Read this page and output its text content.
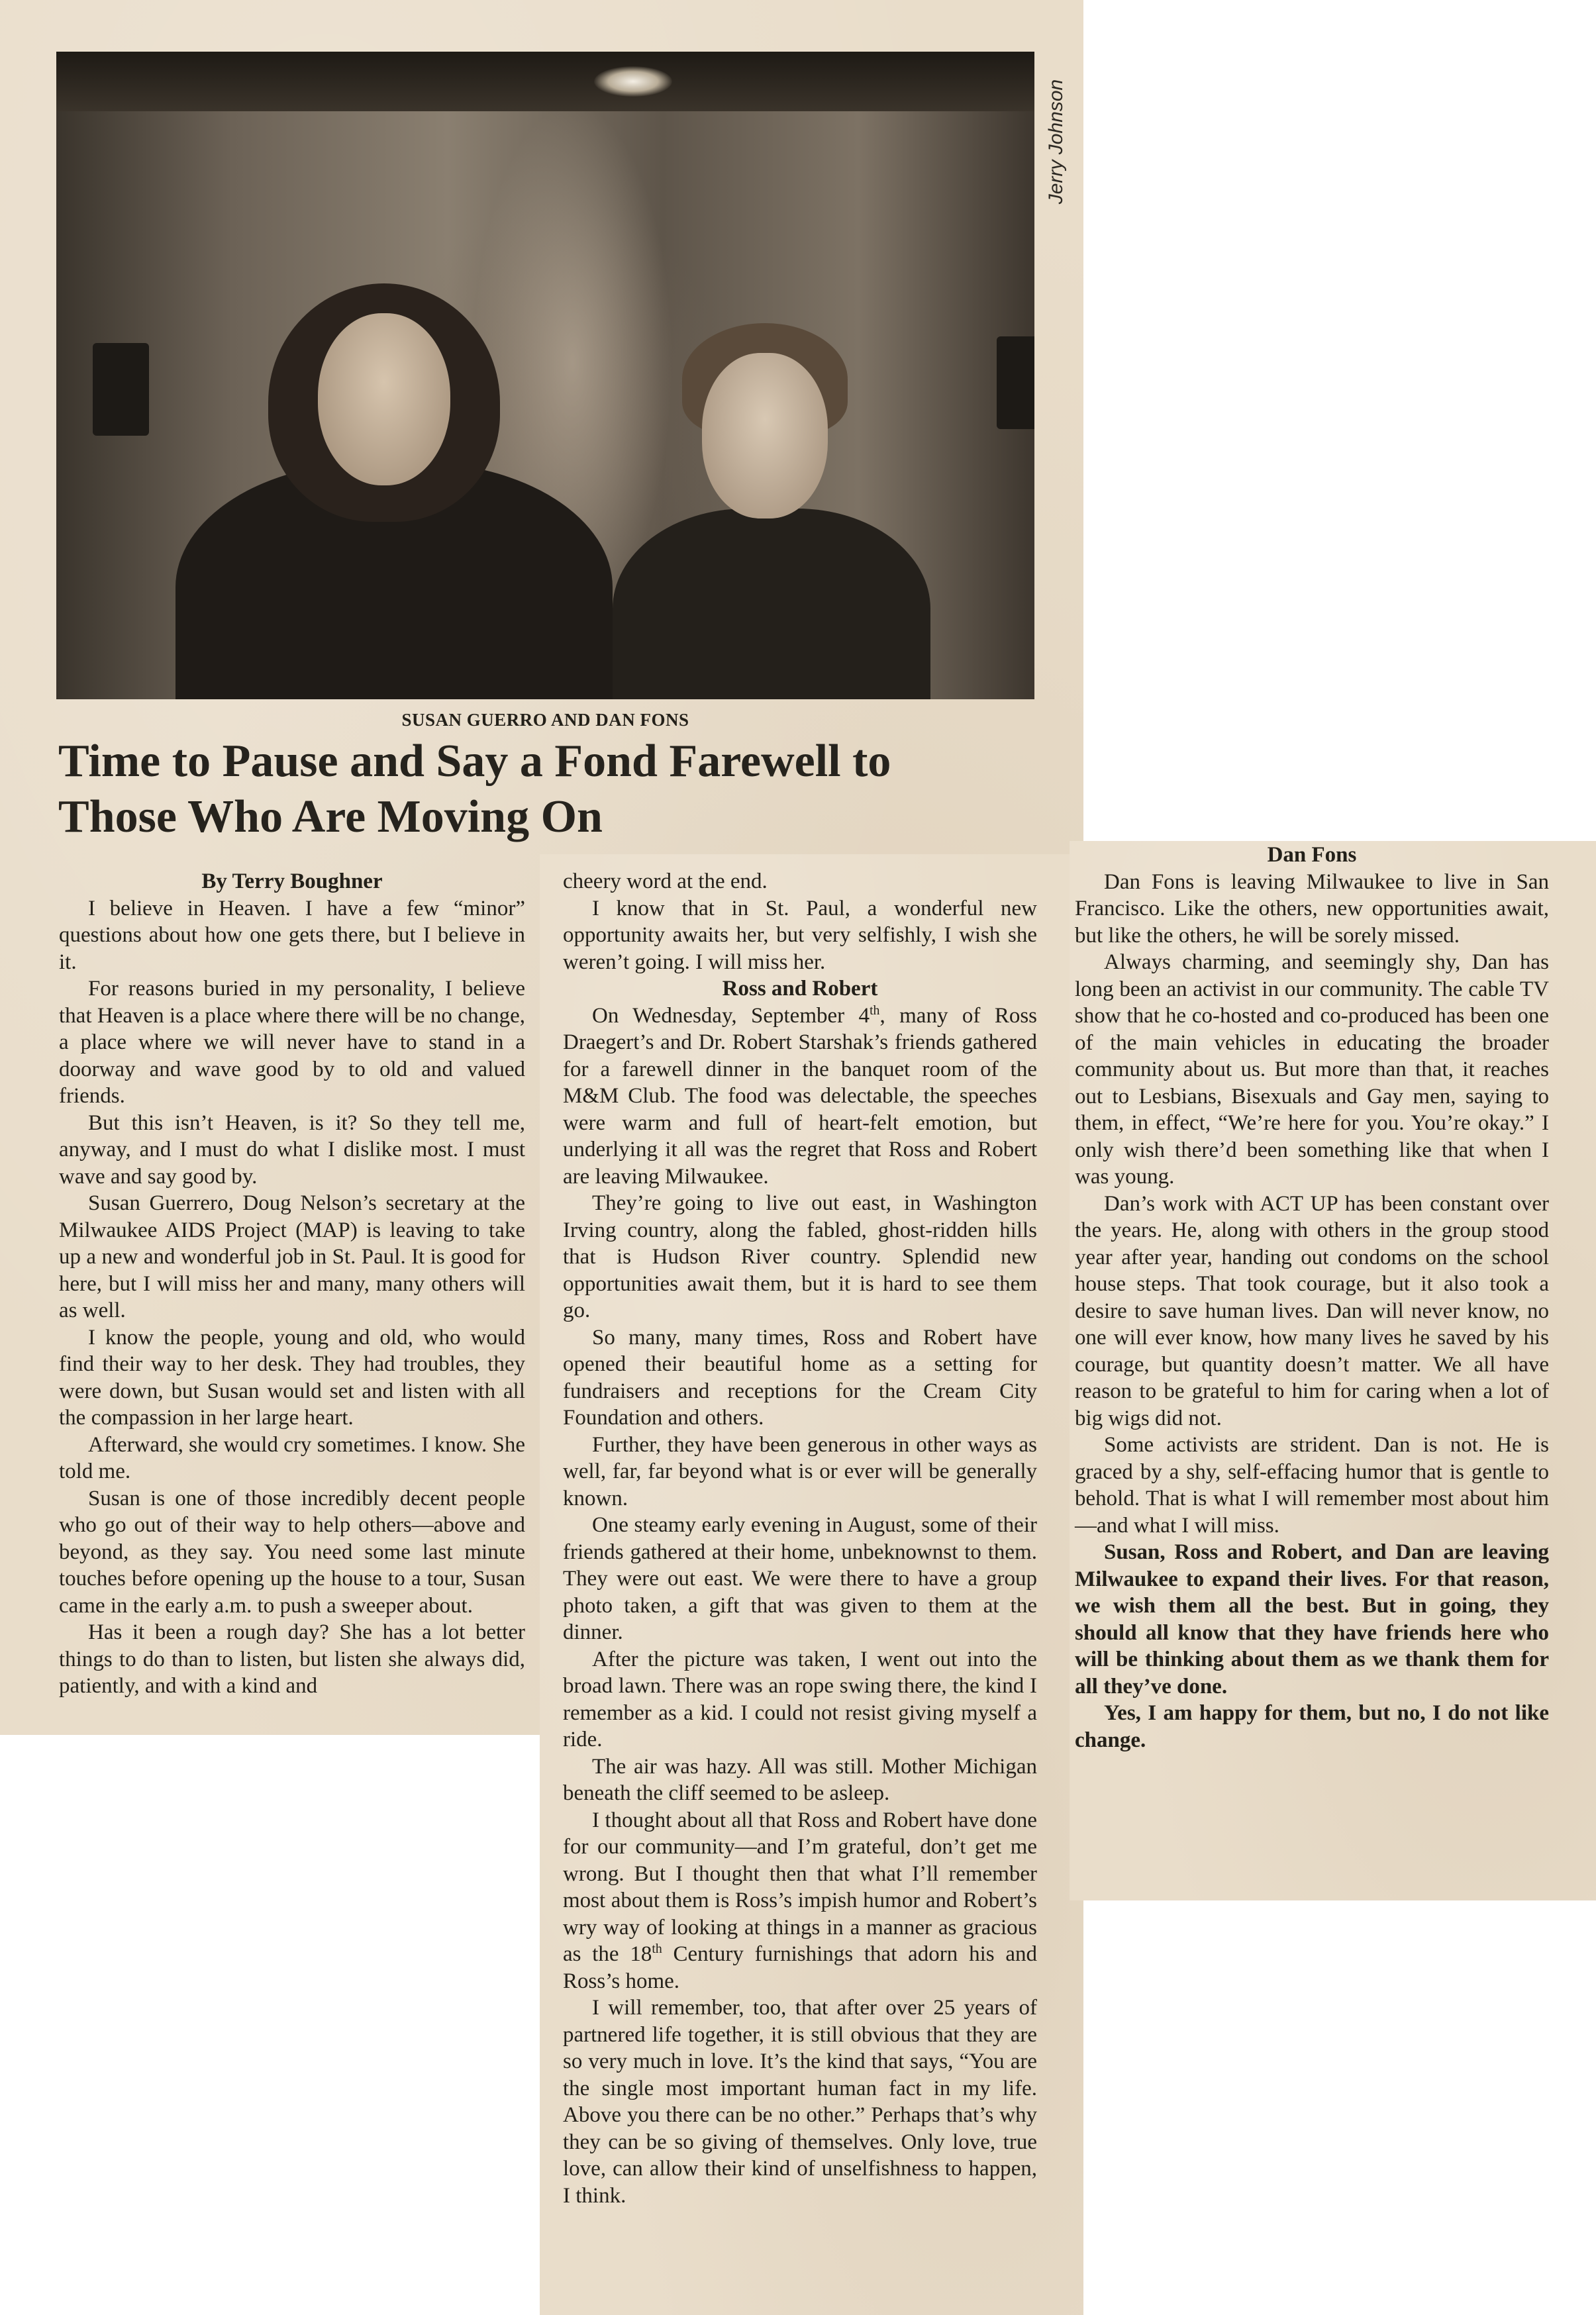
Jerry Johnson
SUSAN GUERRO AND DAN FONS
Time to Pause and Say a Fond Farewell to
Those Who Are Moving On

By Terry Boughner

I believe in Heaven. I have a few “minor” questions about how one gets there, but I believe in it.

For reasons buried in my personality, I believe that Heaven is a place where there will be no change, a place where we will never have to stand in a doorway and wave good by to old and valued friends.

But this isn’t Heaven, is it? So they tell me, anyway, and I must do what I dislike most. I must wave and say good by.

Susan Guerrero, Doug Nelson’s secretary at the Milwaukee AIDS Project (MAP) is leaving to take up a new and wonderful job in St. Paul. It is good for here, but I will miss her and many, many others will as well.

I know the people, young and old, who would find their way to her desk. They had troubles, they were down, but Susan would set and listen with all the compassion in her large heart.

Afterward, she would cry sometimes. I know. She told me.

Susan is one of those incredibly decent people who go out of their way to help others—above and beyond, as they say. You need some last minute touches before opening up the house to a tour, Susan came in the early a.m. to push a sweeper about.

Has it been a rough day? She has a lot better things to do than to listen, but listen she always did, patiently, and with a kind and

cheery word at the end.

I know that in St. Paul, a wonderful new opportunity awaits her, but very selfishly, I wish she weren’t going. I will miss her.

Ross and Robert

On Wednesday, September 4th, many of Ross Draegert’s and Dr. Robert Starshak’s friends gathered for a farewell dinner in the banquet room of the M&M Club. The food was delectable, the speeches were warm and full of heart-felt emotion, but underlying it all was the regret that Ross and Robert are leaving Milwaukee.

They’re going to live out east, in Washington Irving country, along the fabled, ghost-ridden hills that is Hudson River country. Splendid new opportunities await them, but it is hard to see them go.

So many, many times, Ross and Robert have opened their beautiful home as a setting for fundraisers and receptions for the Cream City Foundation and others.

Further, they have been generous in other ways as well, far, far beyond what is or ever will be generally known.

One steamy early evening in August, some of their friends gathered at their home, unbeknownst to them. They were out east. We were there to have a group photo taken, a gift that was given to them at the dinner.

After the picture was taken, I went out into the broad lawn. There was an rope swing there, the kind I remember as a kid. I could not resist giving myself a ride.

The air was hazy. All was still. Mother Michigan beneath the cliff seemed to be asleep.

I thought about all that Ross and Robert have done for our community—and I’m grateful, don’t get me wrong. But I thought then that what I’ll remember most about them is Ross’s impish humor and Robert’s wry way of looking at things in a manner as gracious as the 18th Century furnishings that adorn his and Ross’s home.

I will remember, too, that after over 25 years of partnered life together, it is still obvious that they are so very much in love. It’s the kind that says, “You are the single most important human fact in my life. Above you there can be no other.” Perhaps that’s why they can be so giving of themselves. Only love, true love, can allow their kind of unselfishness to happen, I think.

Dan Fons

Dan Fons is leaving Milwaukee to live in San Francisco. Like the others, new opportunities await, but like the others, he will be sorely missed.

Always charming, and seemingly shy, Dan has long been an activist in our community. The cable TV show that he co-hosted and co-produced has been one of the main vehicles in educating the broader community about us. But more than that, it reaches out to Lesbians, Bisexuals and Gay men, saying to them, in effect, “We’re here for you. You’re okay.” I only wish there’d been something like that when I was young.

Dan’s work with ACT UP has been constant over the years. He, along with others in the group stood year after year, handing out condoms on the school house steps. That took courage, but it also took a desire to save human lives. Dan will never know, no one will ever know, how many lives he saved by his courage, but quantity doesn’t matter. We all have reason to be grateful to him for caring when a lot of big wigs did not.

Some activists are strident. Dan is not. He is graced by a shy, self-effacing humor that is gentle to behold. That is what I will remember most about him—and what I will miss.

Susan, Ross and Robert, and Dan are leaving Milwaukee to expand their lives. For that reason, we wish them all the best. But in going, they should all know that they have friends here who will be thinking about them as we thank them for all they’ve done.

Yes, I am happy for them, but no, I do not like change.
